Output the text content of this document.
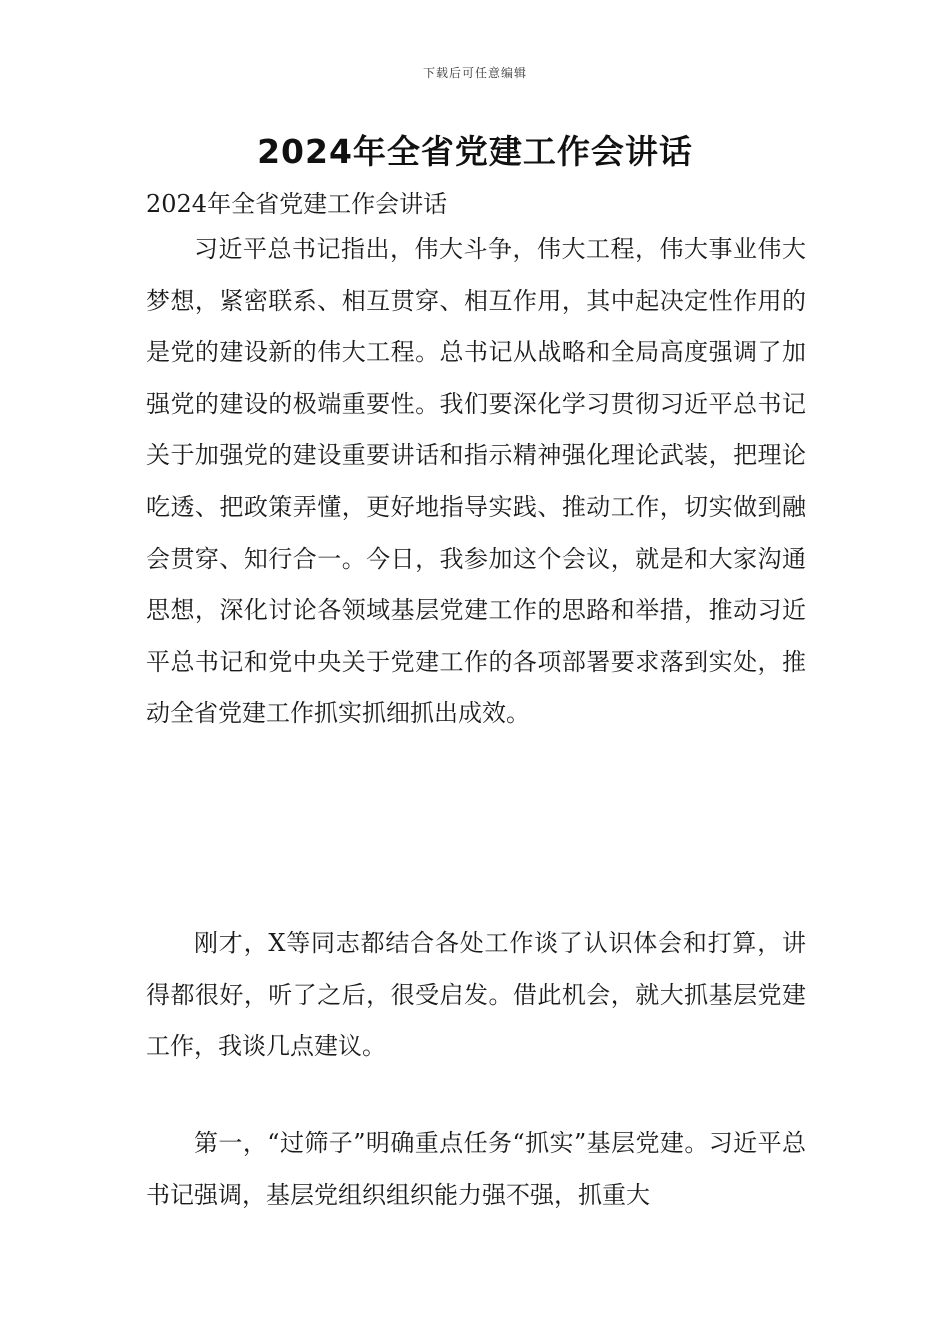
下载后可任意编辑
2024年全省党建工作会讲话
2024年全省党建工作会讲话

习近平总书记指出，伟大斗争，伟大工程，伟大事业伟大梦想，紧密联系、相互贯穿、相互作用，其中起决定性作用的是党的建设新的伟大工程。总书记从战略和全局高度强调了加强党的建设的极端重要性。我们要深化学习贯彻习近平总书记关于加强党的建设重要讲话和指示精神强化理论武装，把理论吃透、把政策弄懂，更好地指导实践、推动工作，切实做到融会贯穿、知行合一。今日，我参加这个会议，就是和大家沟通思想，深化讨论各领域基层党建工作的思路和举措，推动习近平总书记和党中央关于党建工作的各项部署要求落到实处，推动全省党建工作抓实抓细抓出成效。

刚才，X等同志都结合各处工作谈了认识体会和打算，讲得都很好，听了之后，很受启发。借此机会，就大抓基层党建工作，我谈几点建议。

第一，“过筛子”明确重点任务“抓实”基层党建。习近平总书记强调，基层党组织组织能力强不强，抓重大
